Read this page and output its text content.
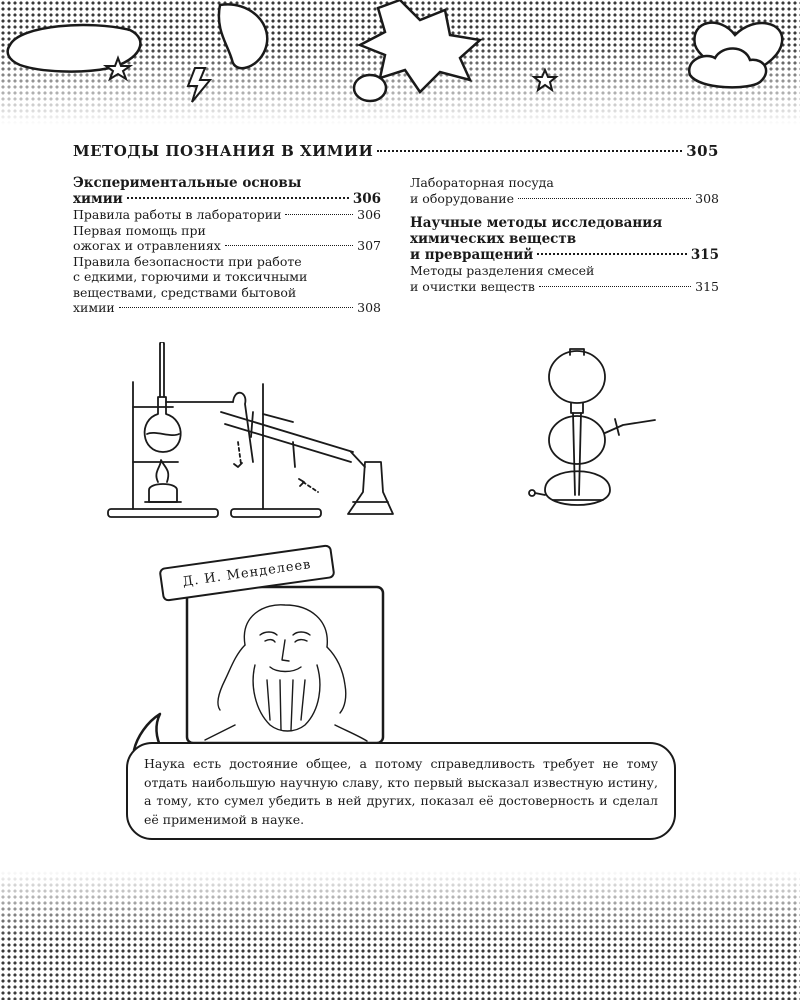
МЕТОДЫ ПОЗНАНИЯ В ХИМИИ	305
Экспериментальные основы
химии	306
Правила работы в лаборатории	306
Первая помощь при
ожогах и отравлениях	307
Правила безопасности при работе
с едкими, горючими и токсичными
веществами, средствами бытовой
химии	308
Лабораторная посуда
и оборудование	308
Научные методы исследования
химических веществ
и превращений	315
Методы разделения смесей
и очистки веществ	315
Д. И. Менделеев
Наука есть достояние общее, а потому справедливость требует не тому отдать наибольшую научную славу, кто первый высказал известную истину, а тому, кто сумел убедить в ней других, показал её достоверность и сделал её применимой в науке.
